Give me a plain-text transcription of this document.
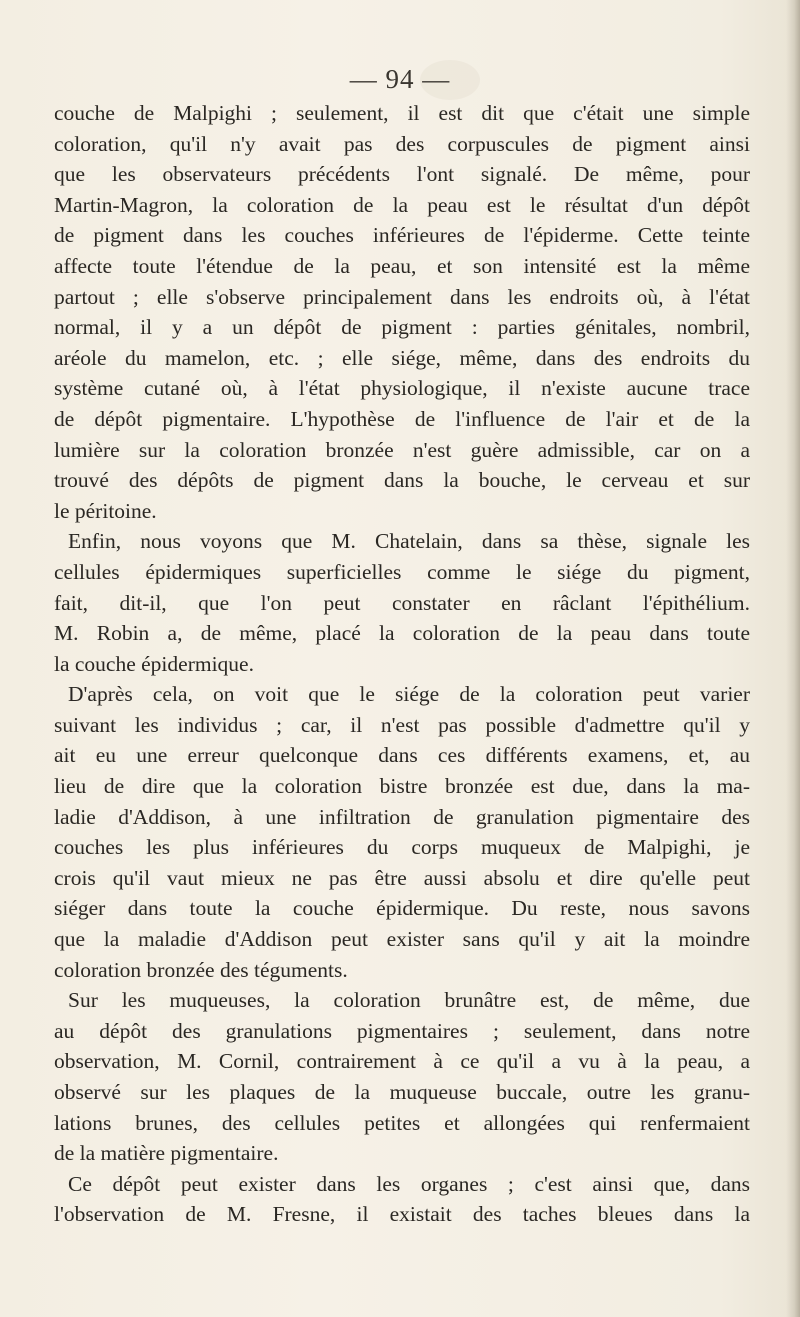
— 94 —
couche de Malpighi ; seulement, il est dit que c'était une simple
coloration, qu'il n'y avait pas des corpuscules de pigment ainsi
que les observateurs précédents l'ont signalé. De même, pour
Martin-Magron, la coloration de la peau est le résultat d'un dépôt
de pigment dans les couches inférieures de l'épiderme. Cette teinte
affecte toute l'étendue de la peau, et son intensité est la même
partout ; elle s'observe principalement dans les endroits où, à l'état
normal, il y a un dépôt de pigment : parties génitales, nombril,
aréole du mamelon, etc. ; elle siége, même, dans des endroits du
système cutané où, à l'état physiologique, il n'existe aucune trace
de dépôt pigmentaire. L'hypothèse de l'influence de l'air et de la
lumière sur la coloration bronzée n'est guère admissible, car on a
trouvé des dépôts de pigment dans la bouche, le cerveau et sur
le péritoine.
Enfin, nous voyons que M. Chatelain, dans sa thèse, signale les
cellules épidermiques superficielles comme le siége du pigment,
fait, dit-il, que l'on peut constater en râclant l'épithélium.
M. Robin a, de même, placé la coloration de la peau dans toute
la couche épidermique.
D'après cela, on voit que le siége de la coloration peut varier
suivant les individus ; car, il n'est pas possible d'admettre qu'il y
ait eu une erreur quelconque dans ces différents examens, et, au
lieu de dire que la coloration bistre bronzée est due, dans la ma-
ladie d'Addison, à une infiltration de granulation pigmentaire des
couches les plus inférieures du corps muqueux de Malpighi, je
crois qu'il vaut mieux ne pas être aussi absolu et dire qu'elle peut
siéger dans toute la couche épidermique. Du reste, nous savons
que la maladie d'Addison peut exister sans qu'il y ait la moindre
coloration bronzée des téguments.
Sur les muqueuses, la coloration brunâtre est, de même, due
au dépôt des granulations pigmentaires ; seulement, dans notre
observation, M. Cornil, contrairement à ce qu'il a vu à la peau, a
observé sur les plaques de la muqueuse buccale, outre les granu-
lations brunes, des cellules petites et allongées qui renfermaient
de la matière pigmentaire.
Ce dépôt peut exister dans les organes ; c'est ainsi que, dans
l'observation de M. Fresne, il existait des taches bleues dans la
